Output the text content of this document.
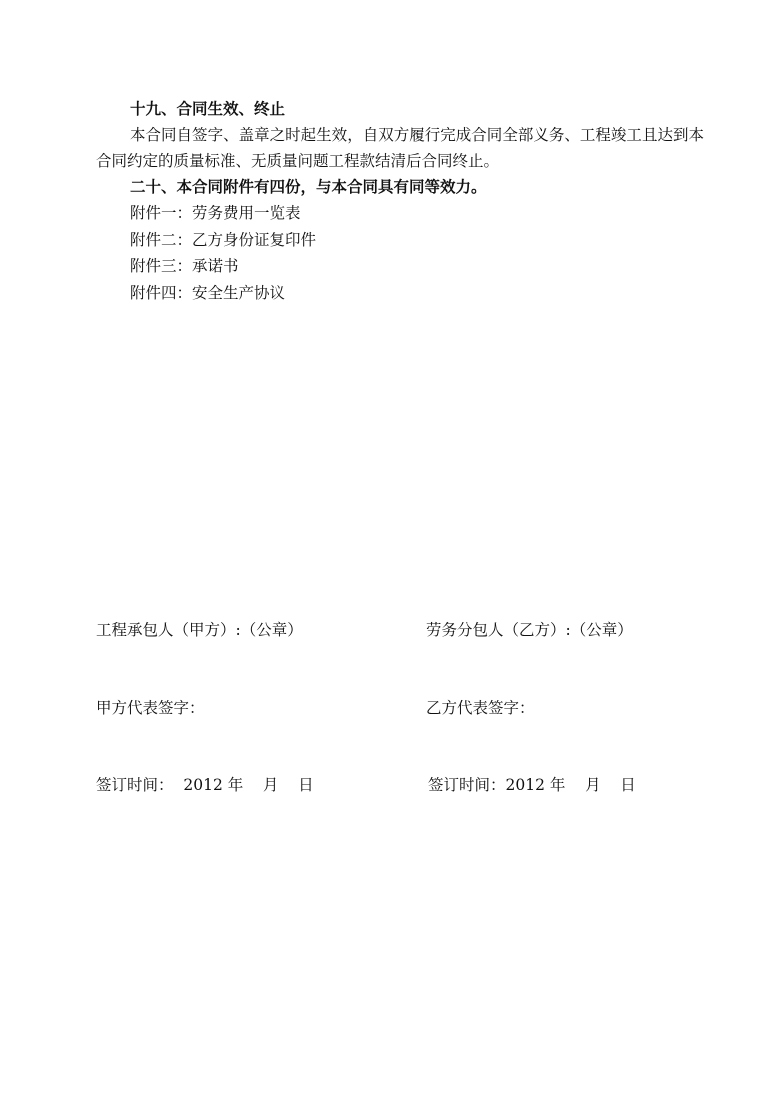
十九、合同生效、终止
本合同自签字、盖章之时起生效，自双方履行完成合同全部义务、工程竣工且达到本
合同约定的质量标准、无质量问题工程款结清后合同终止。
二十、本合同附件有四份，与本合同具有同等效力。
附件一：劳务费用一览表
附件二：乙方身份证复印件
附件三：承诺书
附件四：安全生产协议
工程承包人（甲方）:（公章）	劳务分包人（乙方）:（公章）
甲方代表签字：	乙方代表签字：
签订时间：  2012 年    月    日	签订时间：2012 年    月    日
